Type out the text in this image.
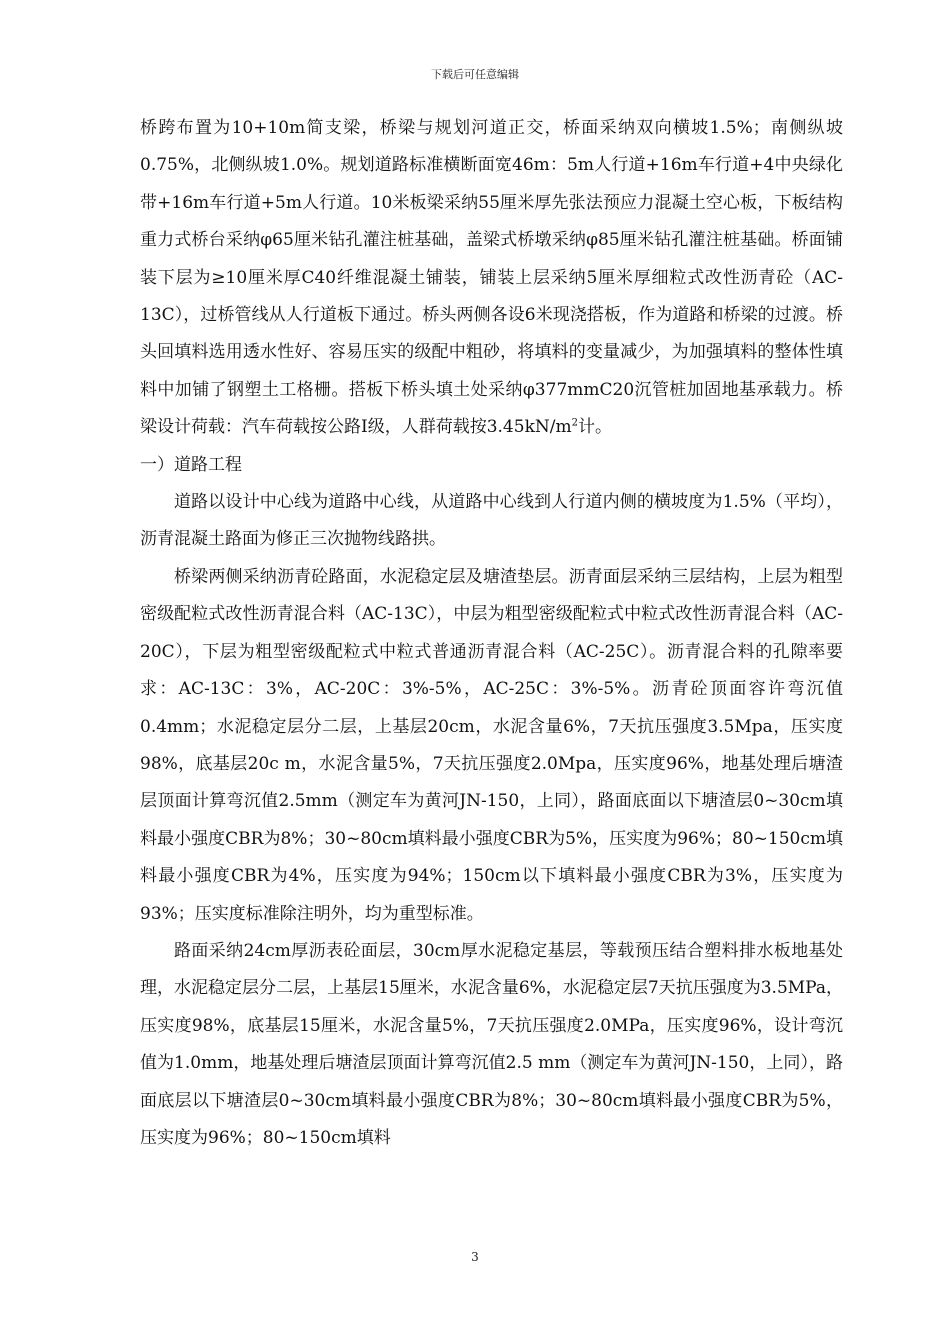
下载后可任意编辑

桥跨布置为10+10m简支梁，桥梁与规划河道正交，桥面采纳双向横坡1.5%；南侧纵坡0.75%，北侧纵坡1.0%。规划道路标准横断面宽46m：5m人行道+16m车行道+4中央绿化带+16m车行道+5m人行道。10米板梁采纳55厘米厚先张法预应力混凝土空心板，下板结构重力式桥台采纳φ65厘米钻孔灌注桩基础，盖梁式桥墩采纳φ85厘米钻孔灌注桩基础。桥面铺装下层为≥10厘米厚C40纤维混凝土铺装，铺装上层采纳5厘米厚细粒式改性沥青砼（AC-13C），过桥管线从人行道板下通过。桥头两侧各设6米现浇搭板，作为道路和桥梁的过渡。桥头回填料选用透水性好、容易压实的级配中粗砂，将填料的变量减少，为加强填料的整体性填料中加铺了钢塑土工格栅。搭板下桥头填土处采纳φ377mmC20沉管桩加固地基承载力。桥梁设计荷载：汽车荷载按公路Ⅰ级，人群荷载按$3.45kN/m^2$计。

一）道路工程

道路以设计中心线为道路中心线，从道路中心线到人行道内侧的横坡度为1.5%（平均），沥青混凝土路面为修正三次抛物线路拱。

桥梁两侧采纳沥青砼路面，水泥稳定层及塘渣垫层。沥青面层采纳三层结构，上层为粗型密级配粒式改性沥青混合料（AC-13C），中层为粗型密级配粒式中粒式改性沥青混合料（AC-20C），下层为粗型密级配粒式中粒式普通沥青混合料（AC-25C）。沥青混合料的孔隙率要求：AC-13C：3%，AC-20C：3%-5%，AC-25C：3%-5%。沥青砼顶面容许弯沉值0.4mm；水泥稳定层分二层，上基层20cm，水泥含量6%，7天抗压强度3.5Mpa，压实度98%，底基层20c m，水泥含量5%，7天抗压强度2.0Mpa，压实度96%，地基处理后塘渣层顶面计算弯沉值2.5mm（测定车为黄河JN-150，上同），路面底面以下塘渣层0~30cm填料最小强度CBR为8%；30~80cm填料最小强度CBR为5%，压实度为96%；80~150cm填料最小强度CBR为4%，压实度为94%；150cm以下填料最小强度CBR为3%，压实度为93%；压实度标准除注明外，均为重型标准。

路面采纳24cm厚沥表砼面层，30cm厚水泥稳定基层，等载预压结合塑料排水板地基处理，水泥稳定层分二层，上基层15厘米，水泥含量6%，水泥稳定层7天抗压强度为3.5MPa，压实度98%，底基层15厘米，水泥含量5%，7天抗压强度2.0MPa，压实度96%，设计弯沉值为1.0mm，地基处理后塘渣层顶面计算弯沉值2.5 mm（测定车为黄河JN-150，上同），路面底层以下塘渣层0~30cm填料最小强度CBR为8%；30~80cm填料最小强度CBR为5%，压实度为96%；80~150cm填料

3
